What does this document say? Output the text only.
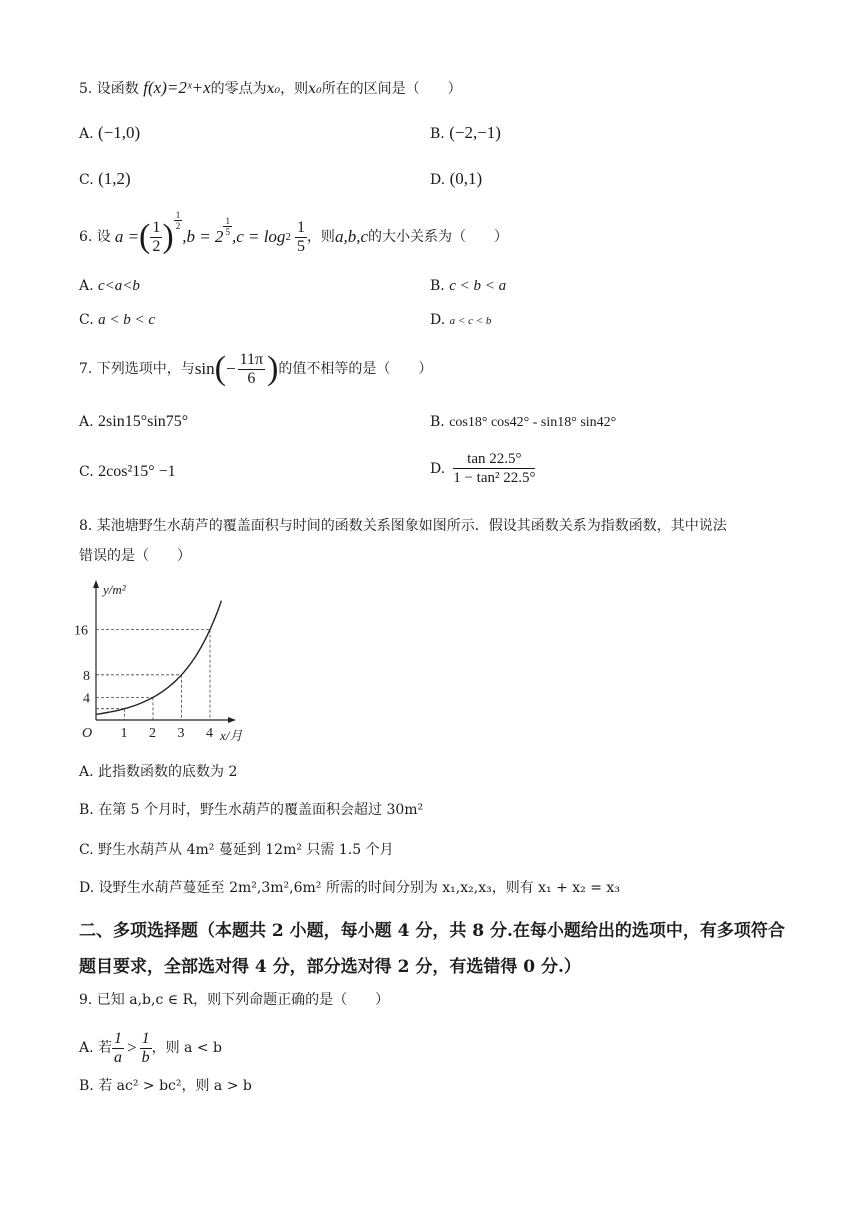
5. 设函数 f(x)=2ˣ+x的零点为x₀，则x₀所在的区间是（　　）
A. (−1,0)	B. (−2,−1)
C. (1,2)	D. (0,1)
6. 设 a = ( $\frac{1}{2}$ ) $\frac{1}{2}$
$,b = 2 \frac{1}{5} ,c = \log 2 \frac{1}{5}$ ，则 a,b,c 的大小关系为（　　）
A. c<a<b	B. c < b < a
C. a < b < c	D. a < c < b
7. 下列选项中，与 sin ( − $\frac{11\pi}{6}$ ) 的值不相等的是（　　）
A. 2sin15°sin75°	B. cos18° cos42° - sin18° sin42°
C. 2cos²15° −1	D. $\frac{\tan 22.5^\circ}{\text{1 − tan² 22.5°}}$
8. 某池塘野生水葫芦的覆盖面积与时间的函数关系图象如图所示．假设其函数关系为指数函数，其中说法
错误的是（　　）
y/m²
x/月
O 1 2 3 4
4
8
16
A. 此指数函数的底数为 2
B. 在第 5 个月时，野生水葫芦的覆盖面积会超过 30m²
C. 野生水葫芦从 4m² 蔓延到 12m² 只需 1.5 个月
D. 设野生水葫芦蔓延至 2m²,3m²,6m² 所需的时间分别为 x₁,x₂,x₃，则有 x₁ + x₂ = x₃
二、多项选择题（本题共 2 小题，每小题 4 分，共 8 分.在每小题给出的选项中，有多项符合
题目要求，全部选对得 4 分，部分选对得 2 分，有选错得 0 分.）
9. 已知 a,b,c ∈ R，则下列命题正确的是（　　）
A. 若 $\frac{1}{a} > \frac{1}{b}$ ，则 a < b
B. 若 ac² > bc²，则 a > b
